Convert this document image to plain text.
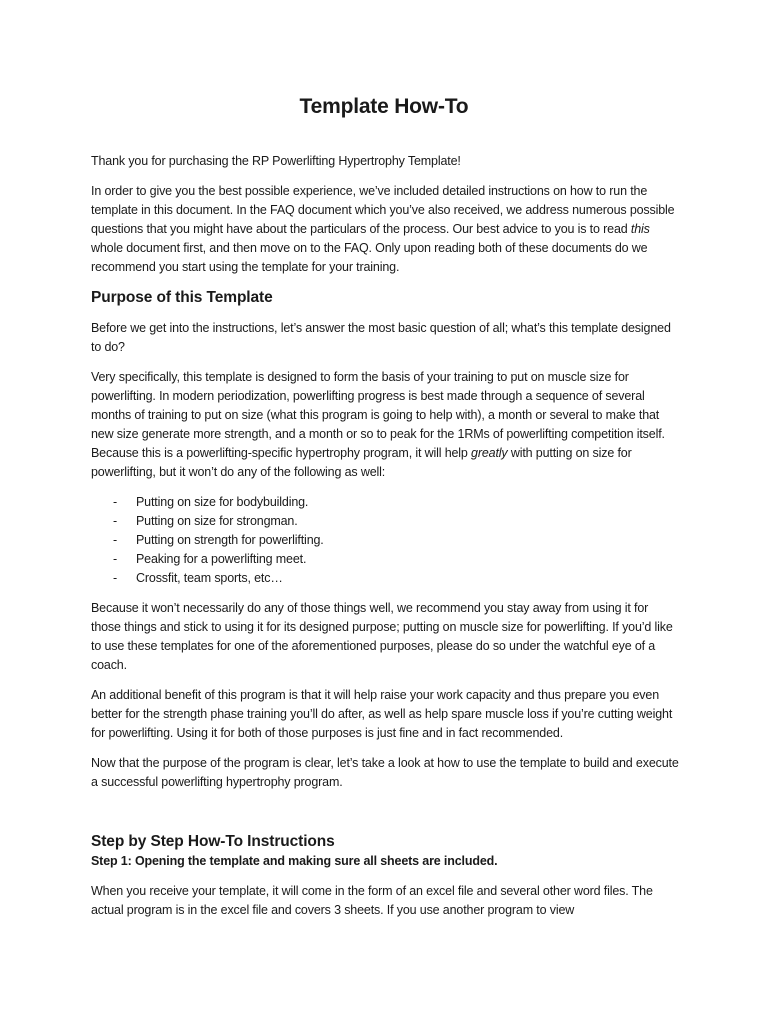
Template How-To

Thank you for purchasing the RP Powerlifting Hypertrophy Template!

In order to give you the best possible experience, we’ve included detailed instructions on how to run the template in this document. In the FAQ document which you’ve also received, we address numerous possible questions that you might have about the particulars of the process. Our best advice to you is to read this whole document first, and then move on to the FAQ. Only upon reading both of these documents do we recommend you start using the template for your training.

Purpose of this Template

Before we get into the instructions, let’s answer the most basic question of all; what’s this template designed to do?

Very specifically, this template is designed to form the basis of your training to put on muscle size for powerlifting. In modern periodization, powerlifting progress is best made through a sequence of several months of training to put on size (what this program is going to help with), a month or several to make that new size generate more strength, and a month or so to peak for the 1RMs of powerlifting competition itself. Because this is a powerlifting-specific hypertrophy program, it will help greatly with putting on size for powerlifting, but it won’t do any of the following as well:

- Putting on size for bodybuilding.
- Putting on size for strongman.
- Putting on strength for powerlifting.
- Peaking for a powerlifting meet.
- Crossfit, team sports, etc…

Because it won’t necessarily do any of those things well, we recommend you stay away from using it for those things and stick to using it for its designed purpose; putting on muscle size for powerlifting. If you’d like to use these templates for one of the aforementioned purposes, please do so under the watchful eye of a coach.

An additional benefit of this program is that it will help raise your work capacity and thus prepare you even better for the strength phase training you’ll do after, as well as help spare muscle loss if you’re cutting weight for powerlifting. Using it for both of those purposes is just fine and in fact recommended.

Now that the purpose of the program is clear, let’s take a look at how to use the template to build and execute a successful powerlifting hypertrophy program.

Step by Step How-To Instructions

Step 1: Opening the template and making sure all sheets are included.

When you receive your template, it will come in the form of an excel file and several other word files. The actual program is in the excel file and covers 3 sheets. If you use another program to view
